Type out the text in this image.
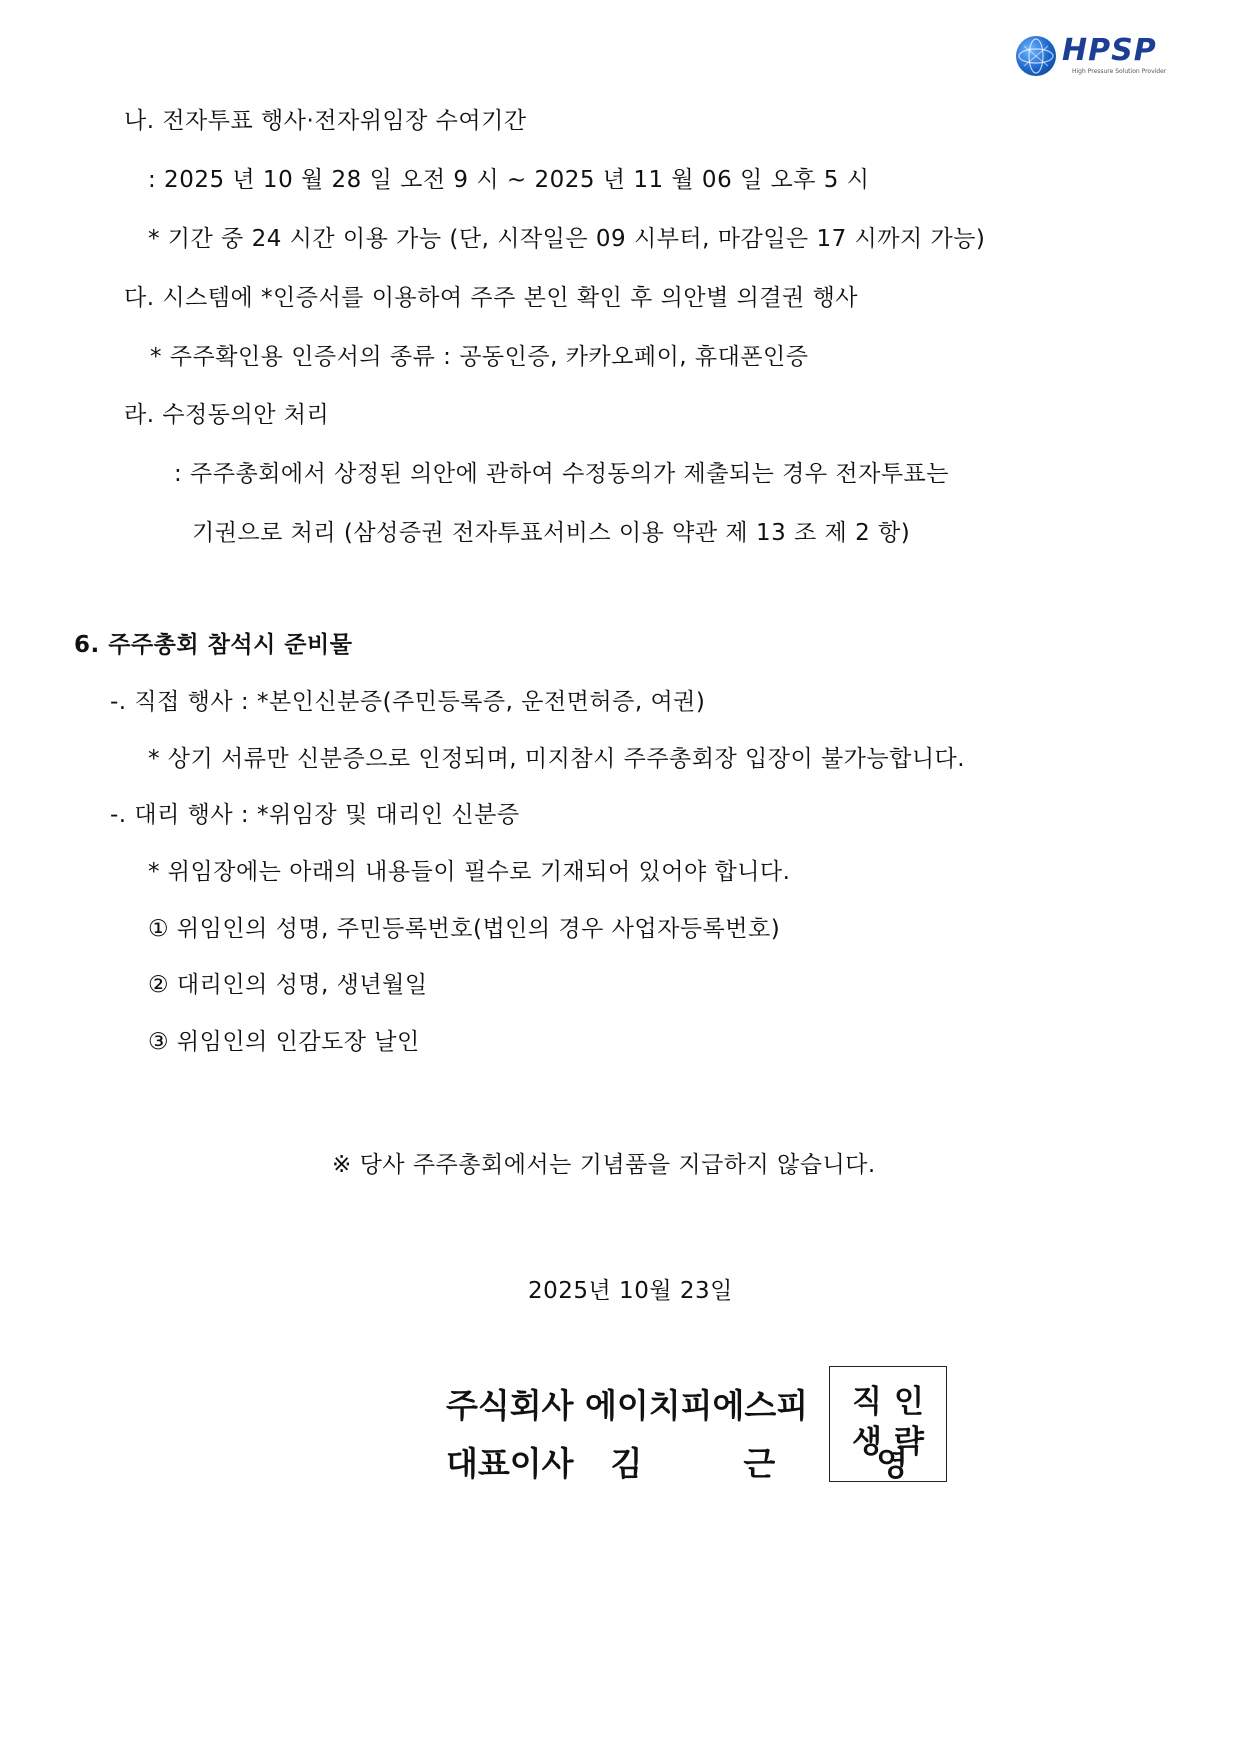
HPSP
High Pressure Solution Provider
나. 전자투표 행사·전자위임장 수여기간
: 2025 년 10 월 28 일 오전 9 시 ~ 2025 년 11 월 06 일 오후 5 시
* 기간 중 24 시간 이용 가능 (단, 시작일은 09 시부터, 마감일은 17 시까지 가능)
다. 시스템에 *인증서를 이용하여 주주 본인 확인 후 의안별 의결권 행사
* 주주확인용 인증서의 종류 : 공동인증, 카카오페이, 휴대폰인증
라. 수정동의안 처리
: 주주총회에서 상정된 의안에 관하여 수정동의가 제출되는 경우 전자투표는
기권으로 처리 (삼성증권 전자투표서비스 이용 약관 제 13 조 제 2 항)
6. 주주총회 참석시 준비물
-. 직접 행사 : *본인신분증(주민등록증, 운전면허증, 여권)
* 상기 서류만 신분증으로 인정되며, 미지참시 주주총회장 입장이 불가능합니다.
-. 대리 행사 : *위임장 및 대리인 신분증
* 위임장에는 아래의 내용들이 필수로 기재되어 있어야 합니다.
① 위임인의 성명, 주민등록번호(법인의 경우 사업자등록번호)
② 대리인의 성명, 생년월일
③ 위임인의 인감도장 날인
※ 당사 주주총회에서는 기념품을 지급하지 않습니다.
2025년 10월 23일
주식회사 에이치피에스피
대표이사 김	근	영
직 인
생 략
